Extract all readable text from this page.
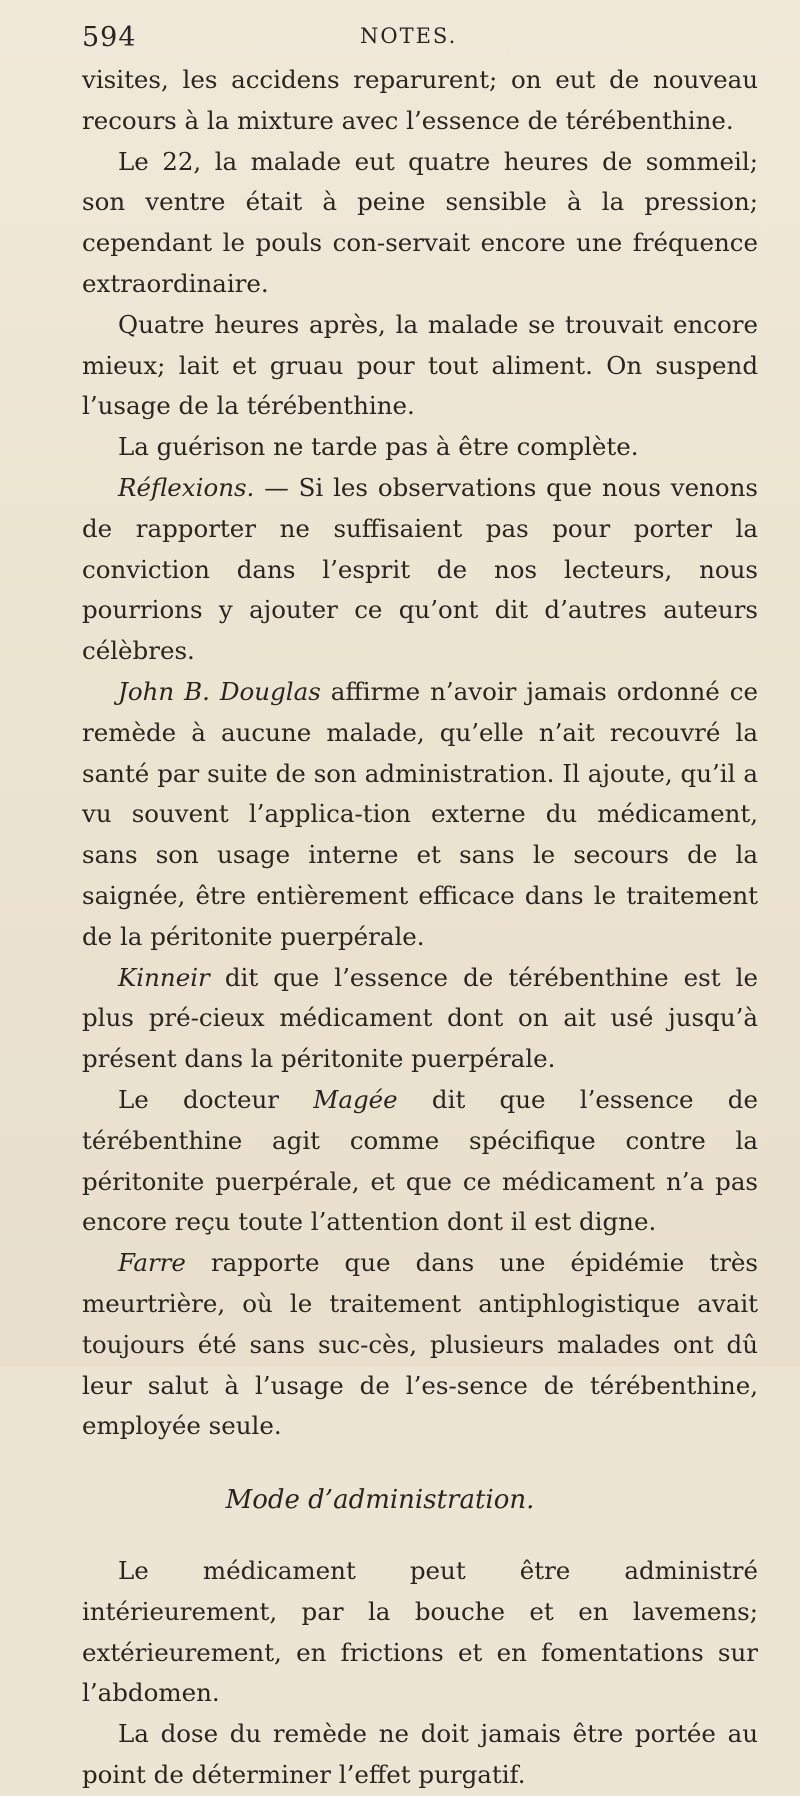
594	NOTES.

visites, les accidens reparurent; on eut de nouveau recours à la mixture avec l’essence de térébenthine.

Le 22, la malade eut quatre heures de sommeil; son ventre était à peine sensible à la pression; cependant le pouls con-servait encore une fréquence extraordinaire.

Quatre heures après, la malade se trouvait encore mieux; lait et gruau pour tout aliment. On suspend l’usage de la térébenthine.

La guérison ne tarde pas à être complète.

Réflexions. — Si les observations que nous venons de rapporter ne suffisaient pas pour porter la conviction dans l’esprit de nos lecteurs, nous pourrions y ajouter ce qu’ont dit d’autres auteurs célèbres.

John B. Douglas affirme n’avoir jamais ordonné ce remède à aucune malade, qu’elle n’ait recouvré la santé par suite de son administration. Il ajoute, qu’il a vu souvent l’applica-tion externe du médicament, sans son usage interne et sans le secours de la saignée, être entièrement efficace dans le traitement de la péritonite puerpérale.

Kinneir dit que l’essence de térébenthine est le plus pré-cieux médicament dont on ait usé jusqu’à présent dans la péritonite puerpérale.

Le docteur Magée dit que l’essence de térébenthine agit comme spécifique contre la péritonite puerpérale, et que ce médicament n’a pas encore reçu toute l’attention dont il est digne.

Farre rapporte que dans une épidémie très meurtrière, où le traitement antiphlogistique avait toujours été sans suc-cès, plusieurs malades ont dû leur salut à l’usage de l’es-sence de térébenthine, employée seule.

Mode d’administration.

Le médicament peut être administré intérieurement, par la bouche et en lavemens; extérieurement, en frictions et en fomentations sur l’abdomen.

La dose du remède ne doit jamais être portée au point de déterminer l’effet purgatif.
